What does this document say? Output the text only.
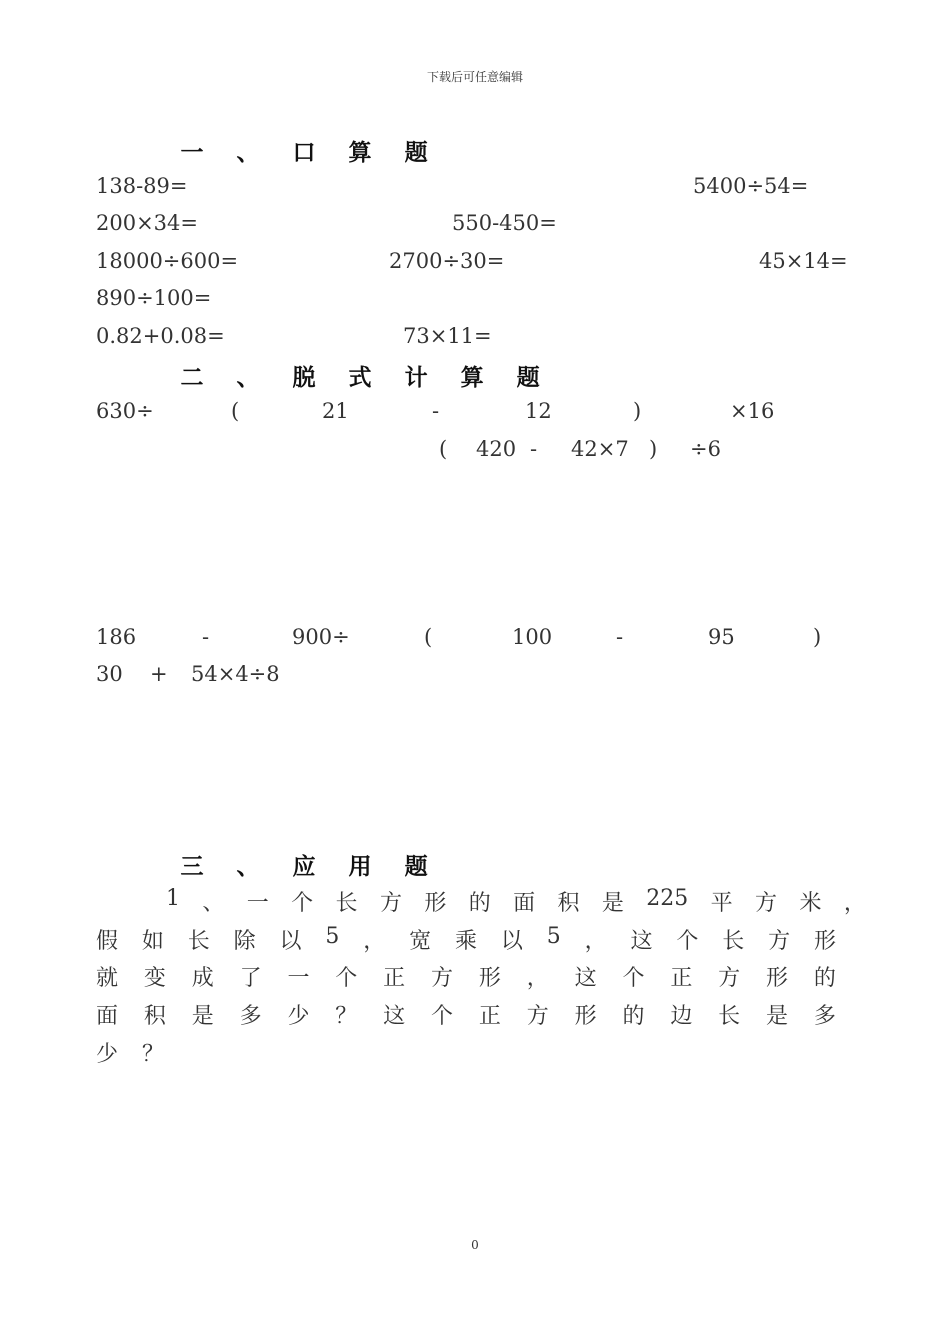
下载后可任意编辑
0
一 、 口 算 题
138-89=	5400÷54=
200×34=	550-450=
18000÷600=	2700÷30=	45×14=
890÷100=
0.82+0.08=	73×11=
二 、 脱 式 计 算 题
630÷	(	21	-	12	)	×16
( 420 - 42×7 ) ÷6
186	-	900÷	(	100	-	95	)
30 + 54×4÷8
三 、 应 用 题
1 、 一 个 长 方 形 的 面 积 是 225 平 方 米 ，
假 如 长 除 以 5 ， 宽 乘 以 5 ， 这 个 长 方 形
就 变 成 了 一 个 正 方 形 ， 这 个 正 方 形 的
面 积 是 多 少 ？ 这 个 正 方 形 的 边 长 是 多
少 ？
